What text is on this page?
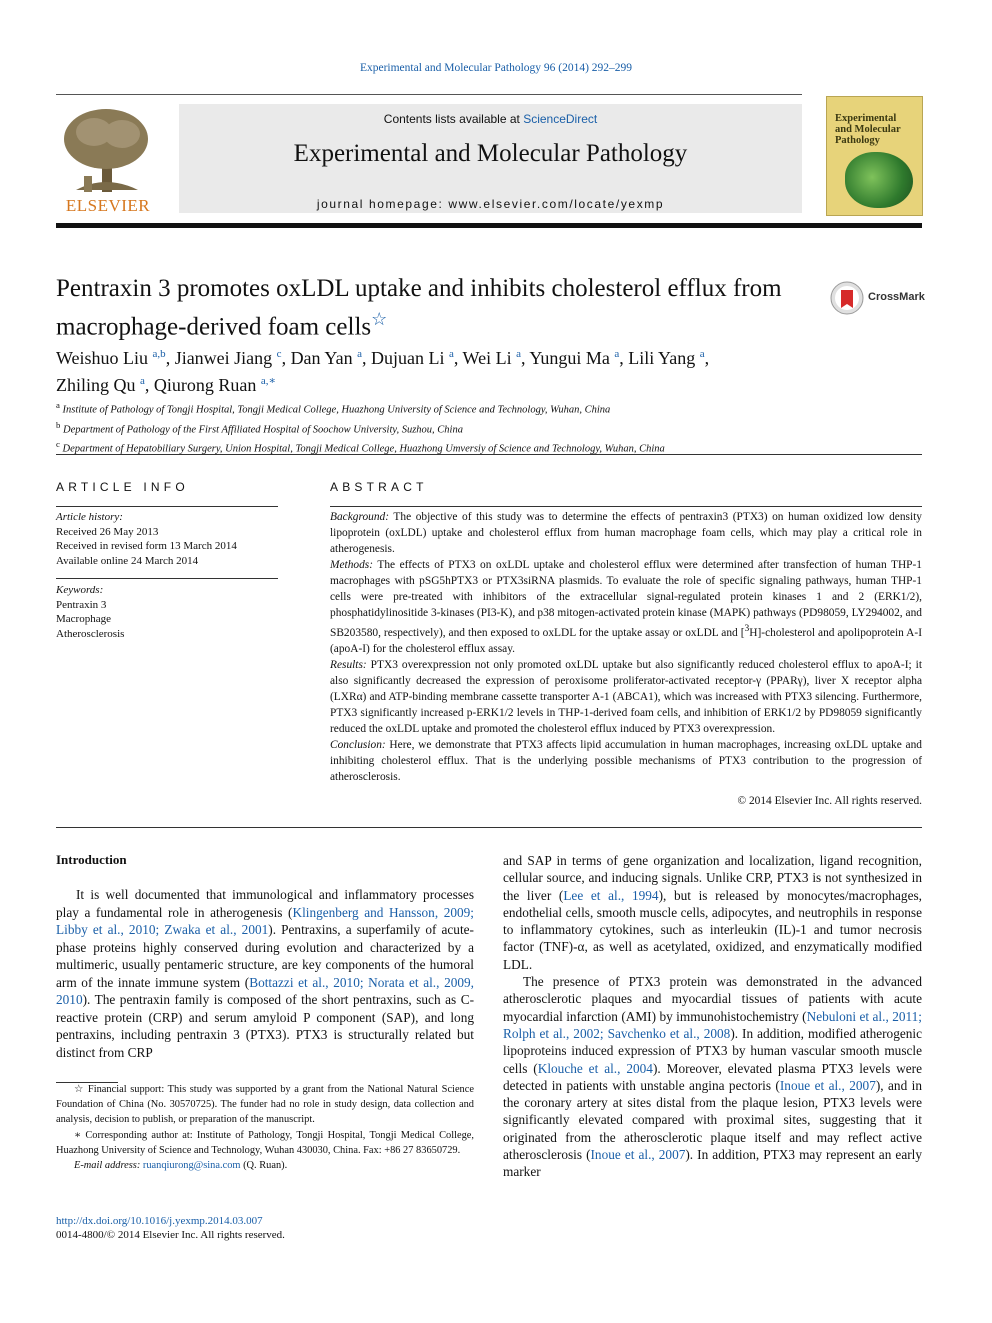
Experimental and Molecular Pathology 96 (2014) 292–299
ELSEVIER
Contents lists available at ScienceDirect
Experimental and Molecular Pathology
journal homepage: www.elsevier.com/locate/yexmp
Experimental and Molecular Pathology
Pentraxin 3 promotes oxLDL uptake and inhibits cholesterol efflux from macrophage-derived foam cells☆
CrossMark
Weishuo Liu $^{a,b}$, Jianwei Jiang $^c$, Dan Yan $^a$, Dujuan Li $^a$, Wei Li $^a$, Yungui Ma $^a$, Lili Yang $^a$,
Zhiling Qu $^a$, Qiurong Ruan $^{a,∗}$
$^a$ Institute of Pathology of Tongji Hospital, Tongji Medical College, Huazhong University of Science and Technology, Wuhan, China
$^b$ Department of Pathology of the First Affiliated Hospital of Soochow University, Suzhou, China
$^c$ Department of Hepatobiliary Surgery, Union Hospital, Tongji Medical College, Huazhong Umversiy of Science and Technology, Wuhan, China
ARTICLE INFO
Article history:
Received 26 May 2013
Received in revised form 13 March 2014
Available online 24 March 2014
Keywords:
Pentraxin 3
Macrophage
Atherosclerosis
ABSTRACT

Background: The objective of this study was to determine the effects of pentraxin3 (PTX3) on human oxidized low density lipoprotein (oxLDL) uptake and cholesterol efflux from human macrophage foam cells, which may play a critical role in atherogenesis.

Methods: The effects of PTX3 on oxLDL uptake and cholesterol efflux were determined after transfection of human THP-1 macrophages with pSG5hPTX3 or PTX3siRNA plasmids. To evaluate the role of specific signaling pathways, human THP-1 cells were pre-treated with inhibitors of the extracellular signal-regulated protein kinases 1 and 2 (ERK1/2), phosphatidylinositide 3-kinases (PI3-K), and p38 mitogen-activated protein kinase (MAPK) pathways (PD98059, LY294002, and SB203580, respectively), and then exposed to oxLDL for the uptake assay or oxLDL and [$^3$H]-cholesterol and apolipoprotein A-I (apoA-I) for the cholesterol efflux assay.

Results: PTX3 overexpression not only promoted oxLDL uptake but also significantly reduced cholesterol efflux to apoA-I; it also significantly decreased the expression of peroxisome proliferator-activated receptor-γ (PPARγ), liver X receptor alpha (LXRα) and ATP-binding membrane cassette transporter A-1 (ABCA1), which was increased with PTX3 silencing. Furthermore, PTX3 significantly increased p-ERK1/2 levels in THP-1-derived foam cells, and inhibition of ERK1/2 by PD98059 significantly reduced the oxLDL uptake and promoted the cholesterol efflux induced by PTX3 overexpression.

Conclusion: Here, we demonstrate that PTX3 affects lipid accumulation in human macrophages, increasing oxLDL uptake and inhibiting cholesterol efflux. That is the underlying possible mechanisms of PTX3 contribution to the progression of atherosclerosis.

© 2014 Elsevier Inc. All rights reserved.
Introduction

It is well documented that immunological and inflammatory processes play a fundamental role in atherogenesis (Klingenberg and Hansson, 2009; Libby et al., 2010; Zwaka et al., 2001). Pentraxins, a superfamily of acute-phase proteins highly conserved during evolution and characterized by a multimeric, usually pentameric structure, are key components of the humoral arm of the innate immune system (Bottazzi et al., 2010; Norata et al., 2009, 2010). The pentraxin family is composed of the short pentraxins, such as C-reactive protein (CRP) and serum amyloid P component (SAP), and long pentraxins, including pentraxin 3 (PTX3). PTX3 is structurally related but distinct from CRP

and SAP in terms of gene organization and localization, ligand recognition, cellular source, and inducing signals. Unlike CRP, PTX3 is not synthesized in the liver (Lee et al., 1994), but is released by monocytes/macrophages, endothelial cells, smooth muscle cells, adipocytes, and neutrophils in response to inflammatory cytokines, such as interleukin (IL)-1 and tumor necrosis factor (TNF)-α, as well as acetylated, oxidized, and enzymatically modified LDL.

The presence of PTX3 protein was demonstrated in the advanced atherosclerotic plaques and myocardial tissues of patients with acute myocardial infarction (AMI) by immunohistochemistry (Nebuloni et al., 2011; Rolph et al., 2002; Savchenko et al., 2008). In addition, modified atherogenic lipoproteins induced expression of PTX3 by human vascular smooth muscle cells (Klouche et al., 2004). Moreover, elevated plasma PTX3 levels were detected in patients with unstable angina pectoris (Inoue et al., 2007), and in the coronary artery at sites distal from the plaque lesion, PTX3 levels were significantly elevated compared with proximal sites, suggesting that it originated from the atherosclerotic plaque itself and may reflect active atherosclerosis (Inoue et al., 2007). In addition, PTX3 may represent an early marker

☆ Financial support: This study was supported by a grant from the National Natural Science Foundation of China (No. 30570725). The funder had no role in study design, data collection and analysis, decision to publish, or preparation of the manuscript.

∗ Corresponding author at: Institute of Pathology, Tongji Hospital, Tongji Medical College, Huazhong University of Science and Technology, Wuhan 430030, China. Fax: +86 27 83650729.

E-mail address: ruanqiurong@sina.com (Q. Ruan).

http://dx.doi.org/10.1016/j.yexmp.2014.03.007
0014-4800/© 2014 Elsevier Inc. All rights reserved.
